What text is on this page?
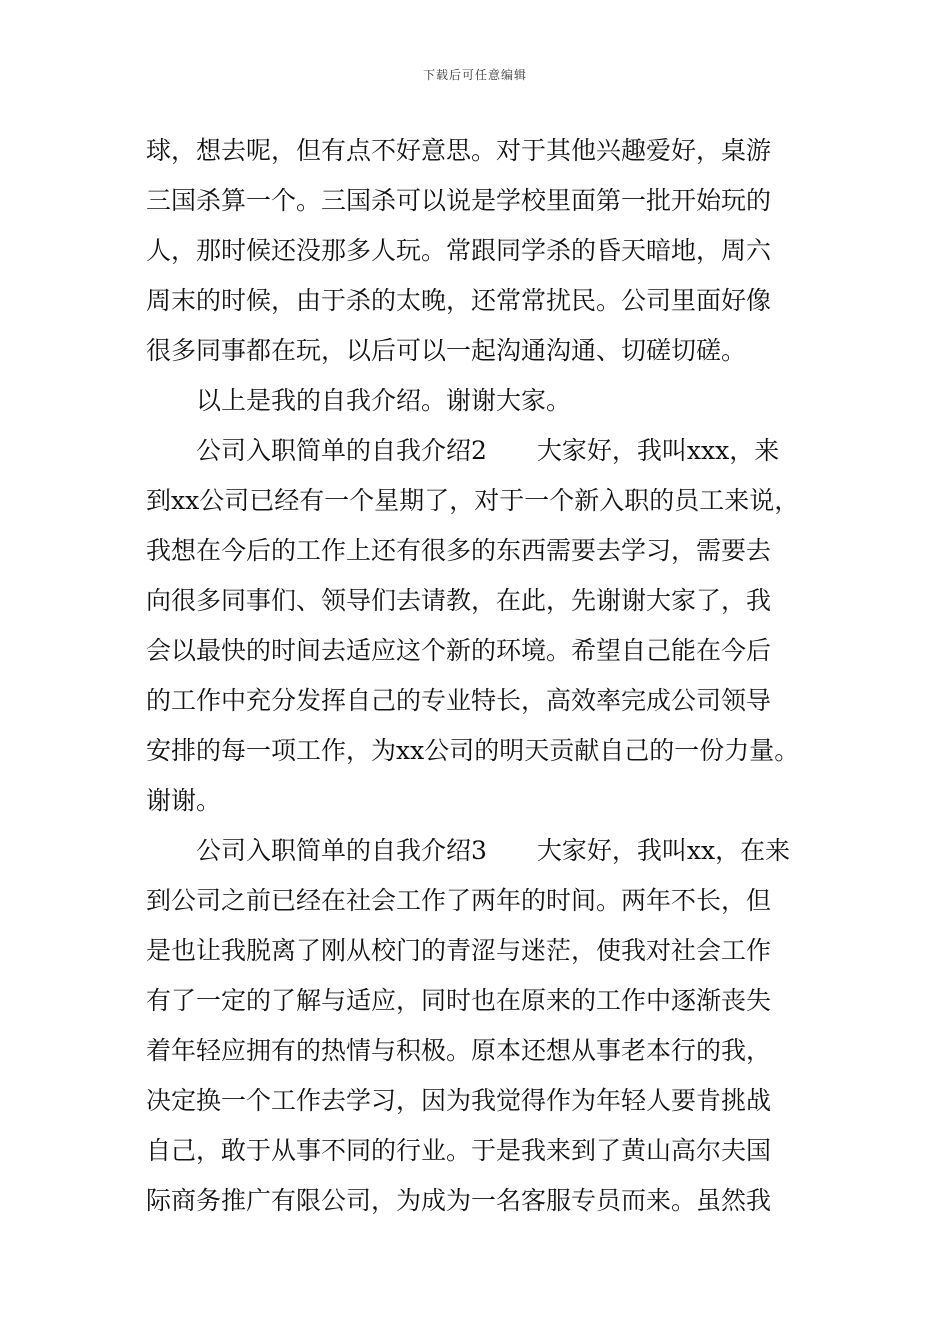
下载后可任意编辑
球，想去呢，但有点不好意思。对于其他兴趣爱好，桌游
三国杀算一个。三国杀可以说是学校里面第一批开始玩的
人，那时候还没那多人玩。常跟同学杀的昏天暗地，周六
周末的时候，由于杀的太晚，还常常扰民。公司里面好像
很多同事都在玩，以后可以一起沟通沟通、切磋切磋。
以上是我的自我介绍。谢谢大家。
公司入职简单的自我介绍2　　大家好，我叫xxx，来
到xx公司已经有一个星期了，对于一个新入职的员工来说，
我想在今后的工作上还有很多的东西需要去学习，需要去
向很多同事们、领导们去请教，在此，先谢谢大家了，我
会以最快的时间去适应这个新的环境。希望自己能在今后
的工作中充分发挥自己的专业特长，高效率完成公司领导
安排的每一项工作，为xx公司的明天贡献自己的一份力量。
谢谢。
公司入职简单的自我介绍3　　大家好，我叫xx，在来
到公司之前已经在社会工作了两年的时间。两年不长，但
是也让我脱离了刚从校门的青涩与迷茫，使我对社会工作
有了一定的了解与适应，同时也在原来的工作中逐渐丧失
着年轻应拥有的热情与积极。原本还想从事老本行的我，
决定换一个工作去学习，因为我觉得作为年轻人要肯挑战
自己，敢于从事不同的行业。于是我来到了黄山高尔夫国
际商务推广有限公司，为成为一名客服专员而来。虽然我
